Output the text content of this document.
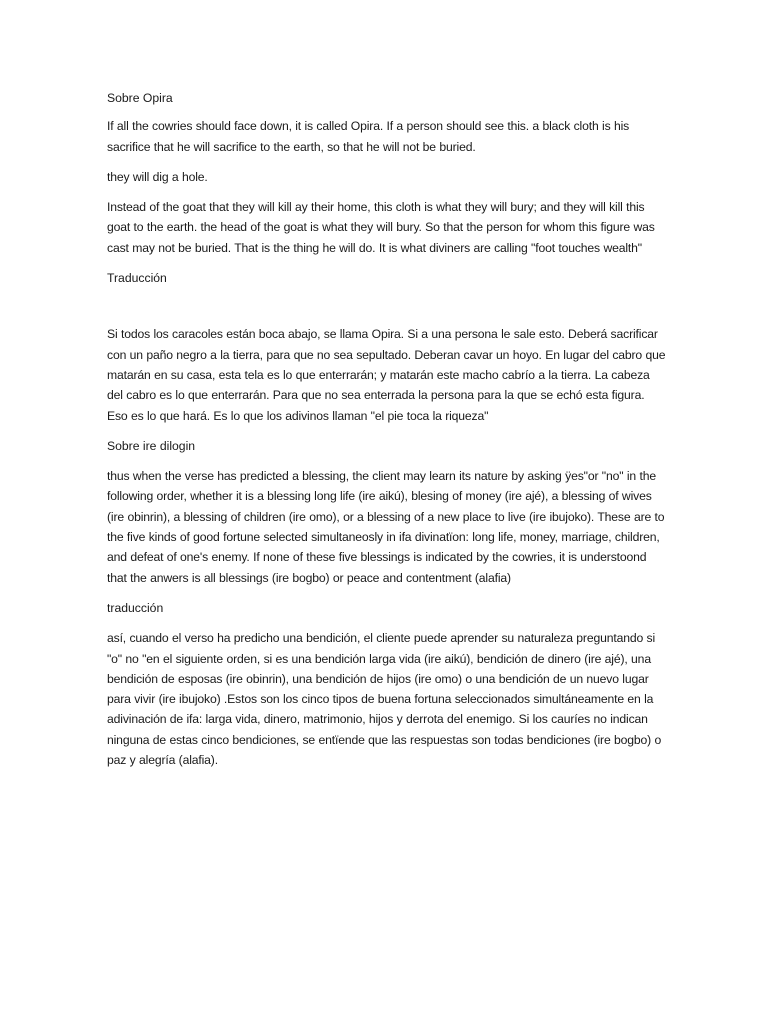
Sobre Opira

If all the cowries should face down, it is called Opira. If a person should see this. a black cloth is his sacrifice that he will sacrifice to the earth, so that he will not be buried.

they will dig a hole.

Instead of the goat that they will kill ay their home, this cloth is what they will bury; and they will kill this goat to the earth. the head of the goat is what they will bury. So that the person for whom this figure was cast may not be buried. That is the thing he will do. It is what diviners are calling "foot touches wealth"

Traducción

Si todos los caracoles están boca abajo, se llama Opira. Si a una persona le sale esto. Deberá sacrificar con un paño negro a la tierra, para que no sea sepultado. Deberan cavar un hoyo. En lugar del cabro que matarán en su casa, esta tela es lo que enterrarán; y matarán este macho cabrío a la tierra. La cabeza del cabro es lo que enterrarán. Para que no sea enterrada la persona para la que se echó esta figura. Eso es lo que hará. Es lo que los adivinos llaman "el pie toca la riqueza"

Sobre ire dilogin

thus when the verse has predicted a blessing, the client may learn its nature by asking ÿes"or "no" in the following order, whether it is a blessing long life (ire aikú), blesing of money (ire ajé), a blessing of wives (ire obinrin), a blessing of children (ire omo), or a blessing of a new place to live (ire ibujoko). These are to the five kinds of good fortune selected simultaneosly in ifa divinatïon: long life, money, marriage, children, and defeat of one's enemy. If none of these five blessings is indicated by the cowries, it is understoond that the anwers is all blessings (ire bogbo) or peace and contentment (alafia)

traducción

así, cuando el verso ha predicho una bendición, el cliente puede aprender su naturaleza preguntando si "o" no "en el siguiente orden, si es una bendición larga vida (ire aikú), bendición de dinero (ire ajé), una bendición de esposas (ire obinrin), una bendición de hijos (ire omo) o una bendición de un nuevo lugar para vivir (ire ibujoko) .Estos son los cinco tipos de buena fortuna seleccionados simultáneamente en la adivinación de ifa: larga vida, dinero, matrimonio, hijos y derrota del enemigo. Si los cauríes no indican ninguna de estas cinco bendiciones, se entïende que las respuestas son todas bendiciones (ire bogbo) o paz y alegría (alafia).
